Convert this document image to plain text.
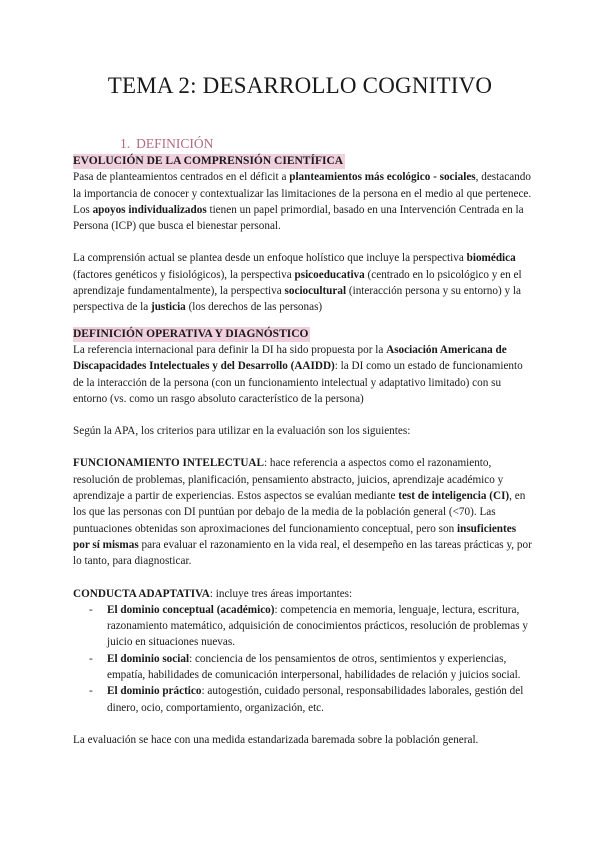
TEMA 2: DESARROLLO COGNITIVO
1. DEFINICIÓN
EVOLUCIÓN DE LA COMPRENSIÓN CIENTÍFICA

Pasa de planteamientos centrados en el déficit a planteamientos más ecológico - sociales, destacando la importancia de conocer y contextualizar las limitaciones de la persona en el medio al que pertenece. Los apoyos individualizados tienen un papel primordial, basado en una Intervención Centrada en la Persona (ICP) que busca el bienestar personal.

La comprensión actual se plantea desde un enfoque holístico que incluye la perspectiva biomédica (factores genéticos y fisiológicos), la perspectiva psicoeducativa (centrado en lo psicológico y en el aprendizaje fundamentalmente), la perspectiva sociocultural (interacción persona y su entorno) y la perspectiva de la justicia (los derechos de las personas)

DEFINICIÓN OPERATIVA Y DIAGNÓSTICO

La referencia internacional para definir la DI ha sido propuesta por la Asociación Americana de Discapacidades Intelectuales y del Desarrollo (AAIDD): la DI como un estado de funcionamiento de la interacción de la persona (con un funcionamiento intelectual y adaptativo limitado) con su entorno (vs. como un rasgo absoluto característico de la persona)

Según la APA, los criterios para utilizar en la evaluación son los siguientes:

FUNCIONAMIENTO INTELECTUAL: hace referencia a aspectos como el razonamiento, resolución de problemas, planificación, pensamiento abstracto, juicios, aprendizaje académico y aprendizaje a partir de experiencias. Estos aspectos se evalúan mediante test de inteligencia (CI), en los que las personas con DI puntúan por debajo de la media de la población general (<70). Las puntuaciones obtenidas son aproximaciones del funcionamiento conceptual, pero son insuficientes por sí mismas para evaluar el razonamiento en la vida real, el desempeño en las tareas prácticas y, por lo tanto, para diagnosticar.

CONDUCTA ADAPTATIVA: incluye tres áreas importantes:

- El dominio conceptual (académico): competencia en memoria, lenguaje, lectura, escritura, razonamiento matemático, adquisición de conocimientos prácticos, resolución de problemas y juicio en situaciones nuevas.
- El dominio social: conciencia de los pensamientos de otros, sentimientos y experiencias, empatía, habilidades de comunicación interpersonal, habilidades de relación y juicios social.
- El dominio práctico: autogestión, cuidado personal, responsabilidades laborales, gestión del dinero, ocio, comportamiento, organización, etc.

La evaluación se hace con una medida estandarizada baremada sobre la población general.
